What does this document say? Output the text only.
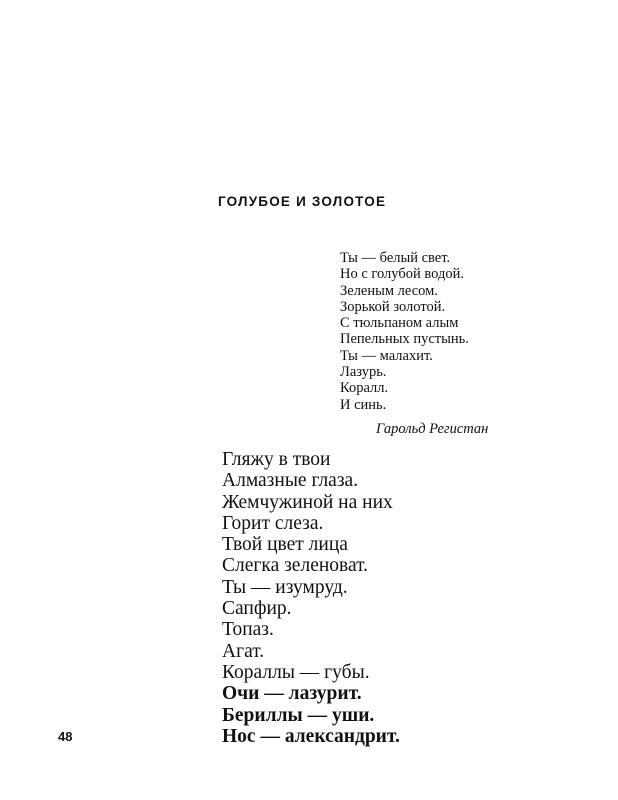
ГОЛУБОЕ И ЗОЛОТОЕ
Ты — белый свет.
Но с голубой водой.
Зеленым лесом.
Зорькой золотой.
С тюльпаном алым
Пепельных пустынь.
Ты — малахит.
Лазурь.
Коралл.
И синь.
Гарольд Регистан
Гляжу в твои
Алмазные глаза.
Жемчужиной на них
Горит слеза.
Твой цвет лица
Слегка зеленоват.
Ты — изумруд.
Сапфир.
Топаз.
Агат.
Кораллы — губы.
Очи — лазурит.
Бериллы — уши.
Нос — александрит.
48
